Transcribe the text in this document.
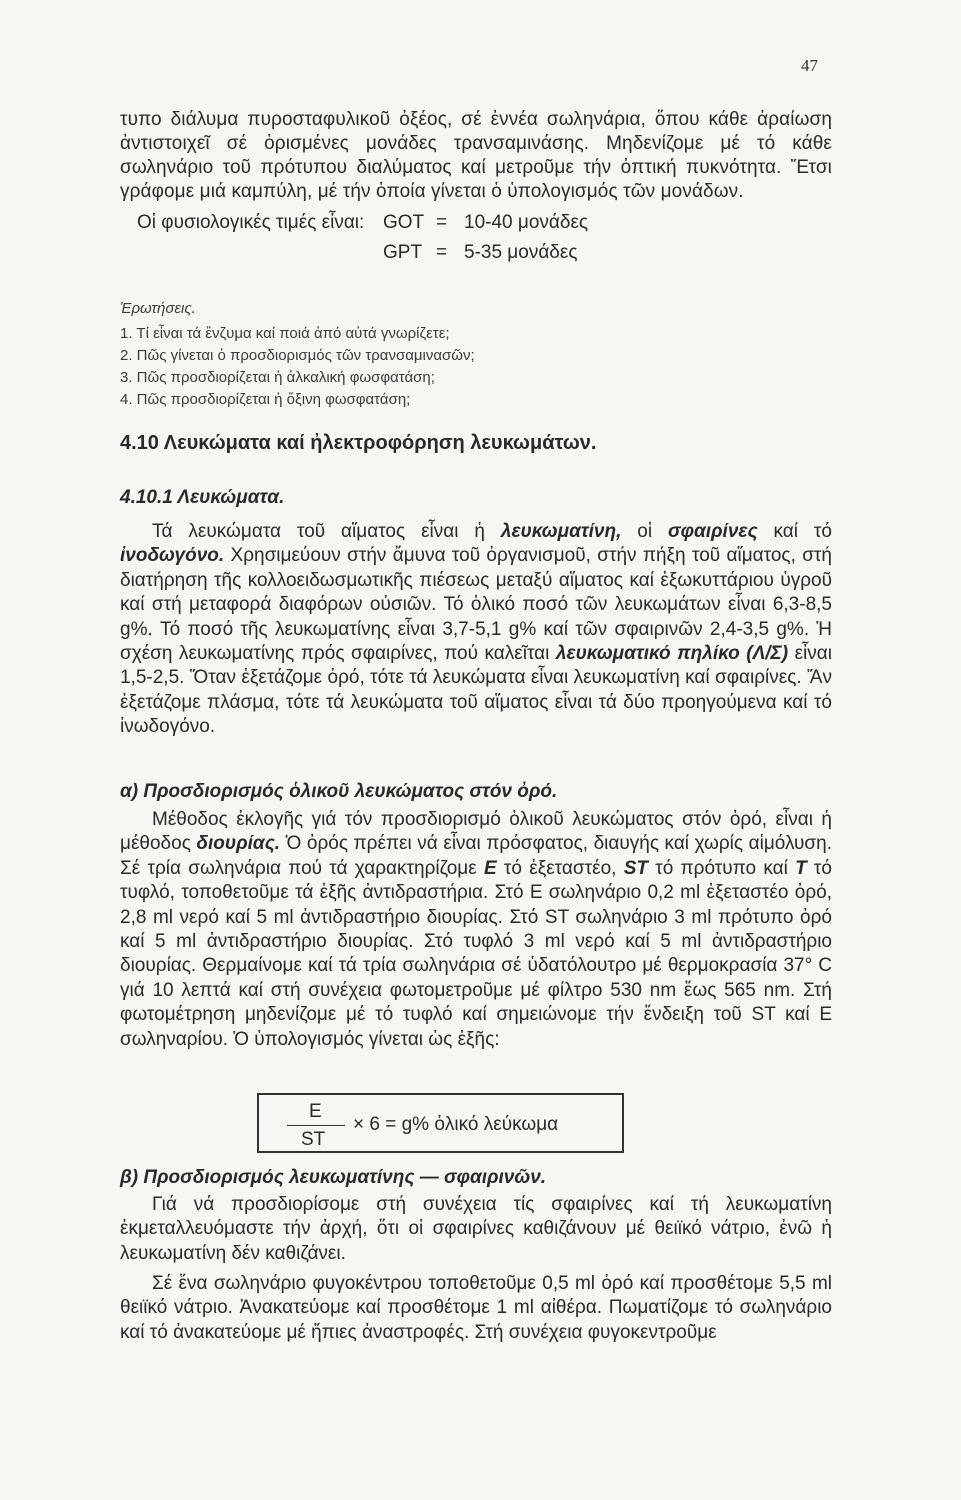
47

τυπο διάλυμα πυροσταφυλικοῦ ὀξέος, σέ ἐννέα σωληνάρια, ὅπου κάθε ἀραίωση ἀντιστοιχεῖ σέ ὁρισμένες μονάδες τρανσαμινάσης. Μηδενίζομε μέ τό κάθε σωληνάριο τοῦ πρότυπου διαλύματος καί μετροῦμε τήν ὀπτική πυκνότητα. Ἔτσι γράφομε μιά καμπύλη, μέ τήν ὁποία γίνεται ὁ ὑπολογισμός τῶν μονάδων.

Οἱ φυσιολογικές τιμές εἶναι: GOT = 10-40 μονάδες
GPT = 5-35 μονάδες
Ἐρωτήσεις.
1. Τί εἶναι τά ἔνζυμα καί ποιά ἀπό αὐτά γνωρίζετε;
2. Πῶς γίνεται ὁ προσδιορισμός τῶν τρανσαμινασῶν;
3. Πῶς προσδιορίζεται ἡ ἀλκαλική φωσφατάση;
4. Πῶς προσδιορίζεται ἡ ὄξινη φωσφατάση;
4.10 Λευκώματα καί ἠλεκτροφόρηση λευκωμάτων.
4.10.1 Λευκώματα.

Τά λευκώματα τοῦ αἵματος εἶναι ἡ λευκωματίνη, οἱ σφαιρίνες καί τό ἰνοδωγόνο. Χρησιμεύουν στήν ἄμυνα τοῦ ὀργανισμοῦ, στήν πήξη τοῦ αἵματος, στή διατήρηση τῆς κολλοειδωσμωτικῆς πιέσεως μεταξύ αἵματος καί ἐξωκυττάριου ὑγροῦ καί στή μεταφορά διαφόρων οὐσιῶν. Τό ὁλικό ποσό τῶν λευκωμάτων εἶναι 6,3-8,5 g%. Τό ποσό τῆς λευκωματίνης εἶναι 3,7-5,1 g% καί τῶν σφαιρινῶν 2,4-3,5 g%. Ἡ σχέση λευκωματίνης πρός σφαιρίνες, πού καλεῖται λευκωματικό πηλίκο (Λ/Σ) εἶναι 1,5-2,5. Ὅταν ἐξετάζομε ὀρό, τότε τά λευκώματα εἶναι λευκωματίνη καί σφαιρίνες. Ἄν ἐξετάζομε πλάσμα, τότε τά λευκώματα τοῦ αἵματος εἶναι τά δύο προηγούμενα καί τό ἰνωδογόνο.

α) Προσδιορισμός ὁλικοῦ λευκώματος στόν ὀρό.

Μέθοδος ἐκλογῆς γιά τόν προσδιορισμό ὁλικοῦ λευκώματος στόν ὀρό, εἶναι ἡ μέθοδος διουρίας. Ὁ ὀρός πρέπει νά εἶναι πρόσφατος, διαυγής καί χωρίς αἱμόλυση. Σέ τρία σωληνάρια πού τά χαρακτηρίζομε Ε τό ἐξεταστέο, ST τό πρότυπο καί Τ τό τυφλό, τοποθετοῦμε τά ἑξῆς ἀντιδραστήρια. Στό Ε σωληνάριο 0,2 ml ἐξεταστέο ὀρό, 2,8 ml νερό καί 5 ml ἀντιδραστήριο διουρίας. Στό ST σωληνάριο 3 ml πρότυπο ὀρό καί 5 ml ἀντιδραστήριο διουρίας. Στό τυφλό 3 ml νερό καί 5 ml ἀντιδραστήριο διουρίας. Θερμαίνομε καί τά τρία σωληνάρια σέ ὑδατόλουτρο μέ θερμοκρασία 37° C γιά 10 λεπτά καί στή συνέχεια φωτομετροῦμε μέ φίλτρο 530 nm ἕως 565 nm. Στή φωτομέτρηση μηδενίζομε μέ τό τυφλό καί σημειώνομε τήν ἔνδειξη τοῦ ST καί Ε σωληναρίου. Ὁ ὑπολογισμός γίνεται ὡς ἑξῆς:

E
ST
× 6 = g% ὁλικό λεύκωμα
β) Προσδιορισμός λευκωματίνης — σφαιρινῶν.

Γιά νά προσδιορίσομε στή συνέχεια τίς σφαιρίνες καί τή λευκωματίνη ἐκμεταλλευόμαστε τήν ἀρχή, ὅτι οἱ σφαιρίνες καθιζάνουν μέ θειϊκό νάτριο, ἐνῶ ἡ λευκωματίνη δέν καθιζάνει.

Σέ ἕνα σωληνάριο φυγοκέντρου τοποθετοῦμε 0,5 ml ὀρό καί προσθέτομε 5,5 ml θειϊκό νάτριο. Ἀνακατεύομε καί προσθέτομε 1 ml αἰθέρα. Πωματίζομε τό σωληνάριο καί τό ἀνακατεύομε μέ ἤπιες ἀναστροφές. Στή συνέχεια φυγοκεντροῦμε
